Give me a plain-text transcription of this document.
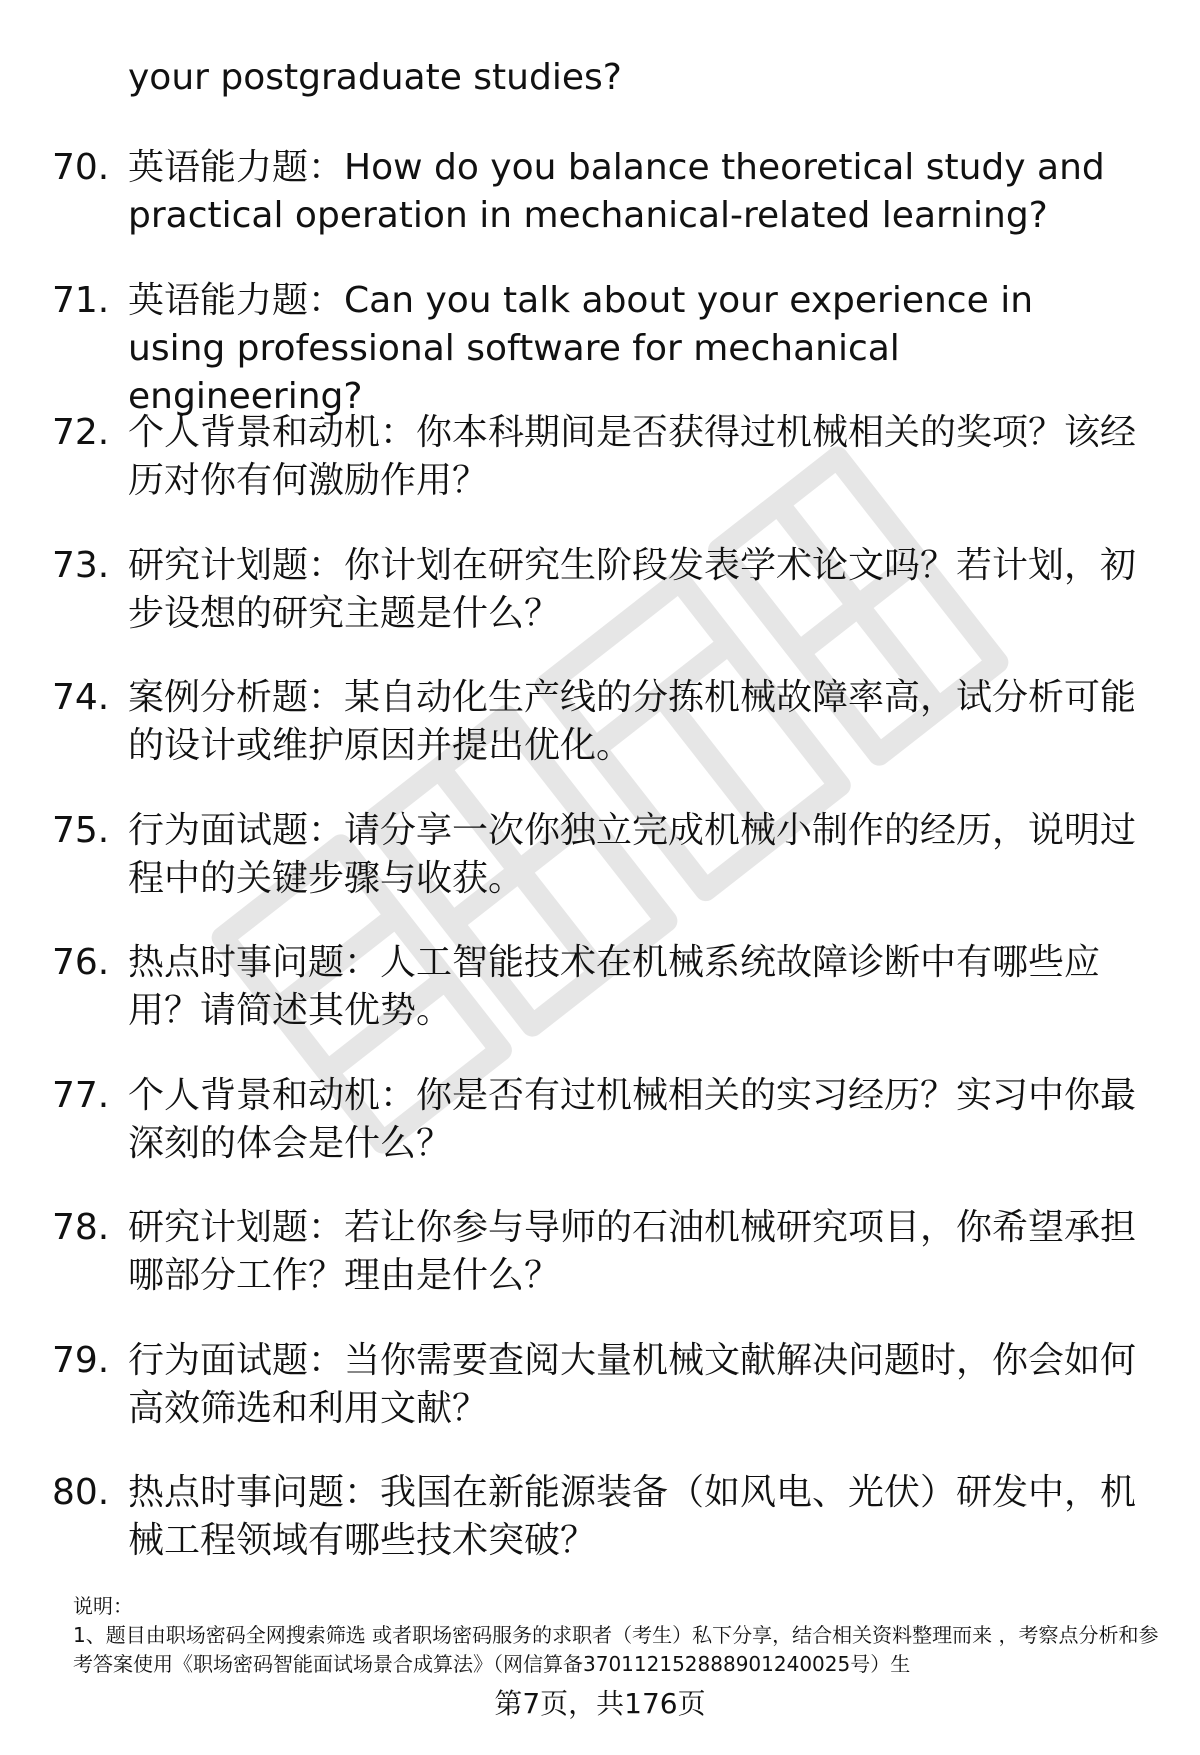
your postgraduate studies?
70. 英语能力题：How do you balance theoretical study and practical operation in mechanical-related learning?
71. 英语能力题：Can you talk about your experience in using professional software for mechanical engineering?
72. 个人背景和动机：你本科期间是否获得过机械相关的奖项？该经历对你有何激励作用？
73. 研究计划题：你计划在研究生阶段发表学术论文吗？若计划，初步设想的研究主题是什么？
74. 案例分析题：某自动化生产线的分拣机械故障率高，试分析可能的设计或维护原因并提出优化。
75. 行为面试题：请分享一次你独立完成机械小制作的经历，说明过程中的关键步骤与收获。
76. 热点时事问题：人工智能技术在机械系统故障诊断中有哪些应用？请简述其优势。
77. 个人背景和动机：你是否有过机械相关的实习经历？实习中你最深刻的体会是什么？
78. 研究计划题：若让你参与导师的石油机械研究项目，你希望承担哪部分工作？理由是什么？
79. 行为面试题：当你需要查阅大量机械文献解决问题时，你会如何高效筛选和利用文献？
80. 热点时事问题：我国在新能源装备（如风电、光伏）研发中，机械工程领域有哪些技术突破？
说明：
1、题目由职场密码全网搜索筛选 或者职场密码服务的求职者（考生）私下分享，结合相关资料整理而来 ，考察点分析和参考答案使用《职场密码智能面试场景合成算法》（网信算备370112152888901240025号）生
第7页，共176页
